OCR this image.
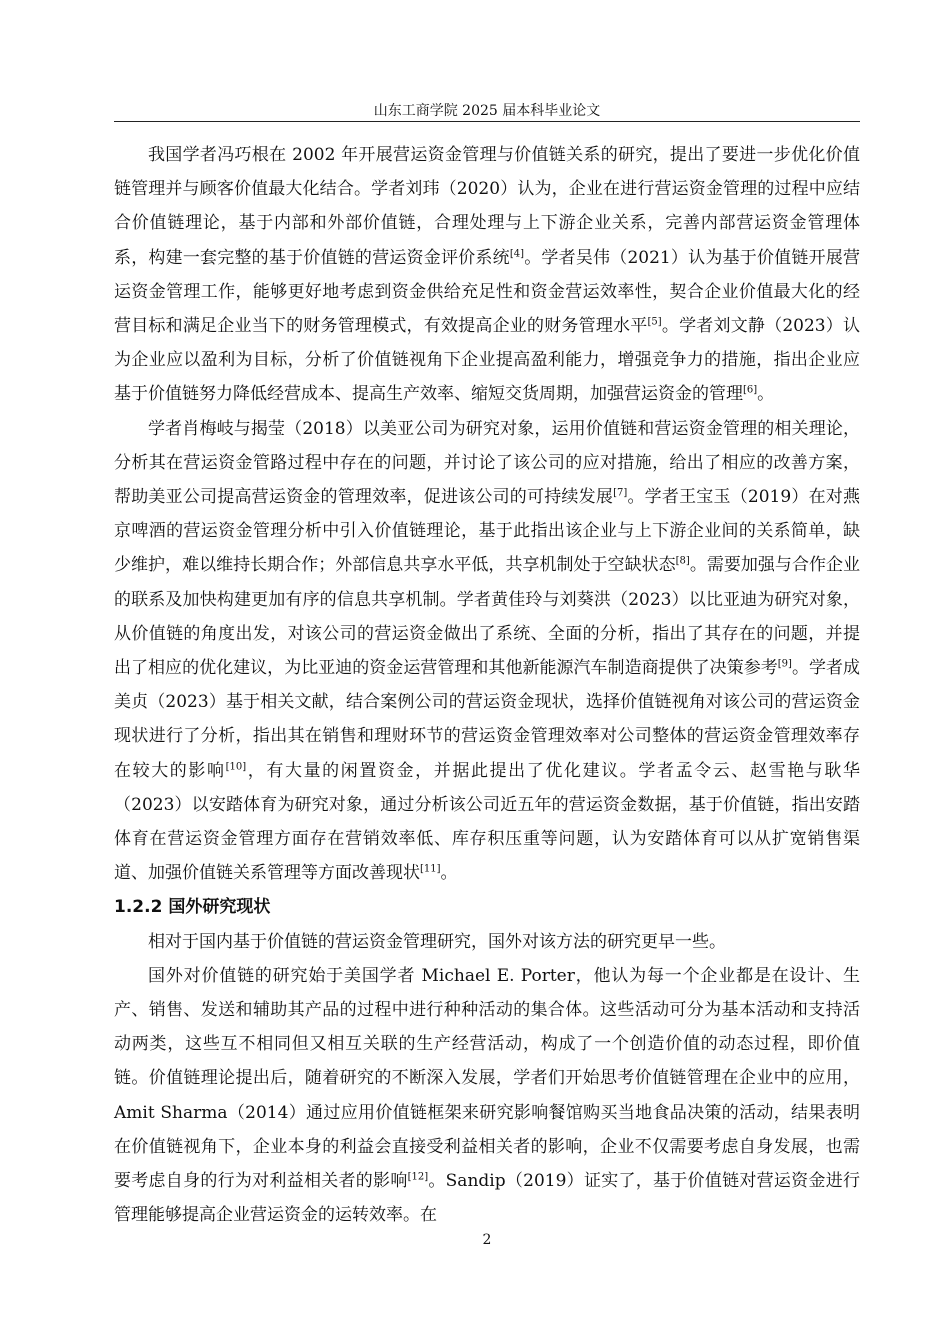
山东工商学院 2025 届本科毕业论文

我国学者冯巧根在 2002 年开展营运资金管理与价值链关系的研究，提出了要进一步优化价值链管理并与顾客价值最大化结合。学者刘玮（2020）认为，企业在进行营运资金管理的过程中应结合价值链理论，基于内部和外部价值链，合理处理与上下游企业关系，完善内部营运资金管理体系，构建一套完整的基于价值链的营运资金评价系统[4]。学者吴伟（2021）认为基于价值链开展营运资金管理工作，能够更好地考虑到资金供给充足性和资金营运效率性，契合企业价值最大化的经营目标和满足企业当下的财务管理模式，有效提高企业的财务管理水平[5]。学者刘文静（2023）认为企业应以盈利为目标，分析了价值链视角下企业提高盈利能力，增强竞争力的措施，指出企业应基于价值链努力降低经营成本、提高生产效率、缩短交货周期，加强营运资金的管理[6]。

学者肖梅岐与揭莹（2018）以美亚公司为研究对象，运用价值链和营运资金管理的相关理论，分析其在营运资金管路过程中存在的问题，并讨论了该公司的应对措施，给出了相应的改善方案，帮助美亚公司提高营运资金的管理效率，促进该公司的可持续发展[7]。学者王宝玉（2019）在对燕京啤酒的营运资金管理分析中引入价值链理论，基于此指出该企业与上下游企业间的关系简单，缺少维护，难以维持长期合作；外部信息共享水平低，共享机制处于空缺状态[8]。需要加强与合作企业的联系及加快构建更加有序的信息共享机制。学者黄佳玲与刘葵洪（2023）以比亚迪为研究对象，从价值链的角度出发，对该公司的营运资金做出了系统、全面的分析，指出了其存在的问题，并提出了相应的优化建议，为比亚迪的资金运营管理和其他新能源汽车制造商提供了决策参考[9]。学者成美贞（2023）基于相关文献，结合案例公司的营运资金现状，选择价值链视角对该公司的营运资金现状进行了分析，指出其在销售和理财环节的营运资金管理效率对公司整体的营运资金管理效率存在较大的影响[10]，有大量的闲置资金，并据此提出了优化建议。学者孟令云、赵雪艳与耿华（2023）以安踏体育为研究对象，通过分析该公司近五年的营运资金数据，基于价值链，指出安踏体育在营运资金管理方面存在营销效率低、库存积压重等问题，认为安踏体育可以从扩宽销售渠道、加强价值链关系管理等方面改善现状[11]。

1.2.2 国外研究现状

相对于国内基于价值链的营运资金管理研究，国外对该方法的研究更早一些。

国外对价值链的研究始于美国学者 Michael E. Porter，他认为每一个企业都是在设计、生产、销售、发送和辅助其产品的过程中进行种种活动的集合体。这些活动可分为基本活动和支持活动两类，这些互不相同但又相互关联的生产经营活动，构成了一个创造价值的动态过程，即价值链。价值链理论提出后，随着研究的不断深入发展，学者们开始思考价值链管理在企业中的应用，Amit Sharma（2014）通过应用价值链框架来研究影响餐馆购买当地食品决策的活动，结果表明在价值链视角下，企业本身的利益会直接受利益相关者的影响，企业不仅需要考虑自身发展，也需要考虑自身的行为对利益相关者的影响[12]。Sandip（2019）证实了，基于价值链对营运资金进行管理能够提高企业营运资金的运转效率。在

2
